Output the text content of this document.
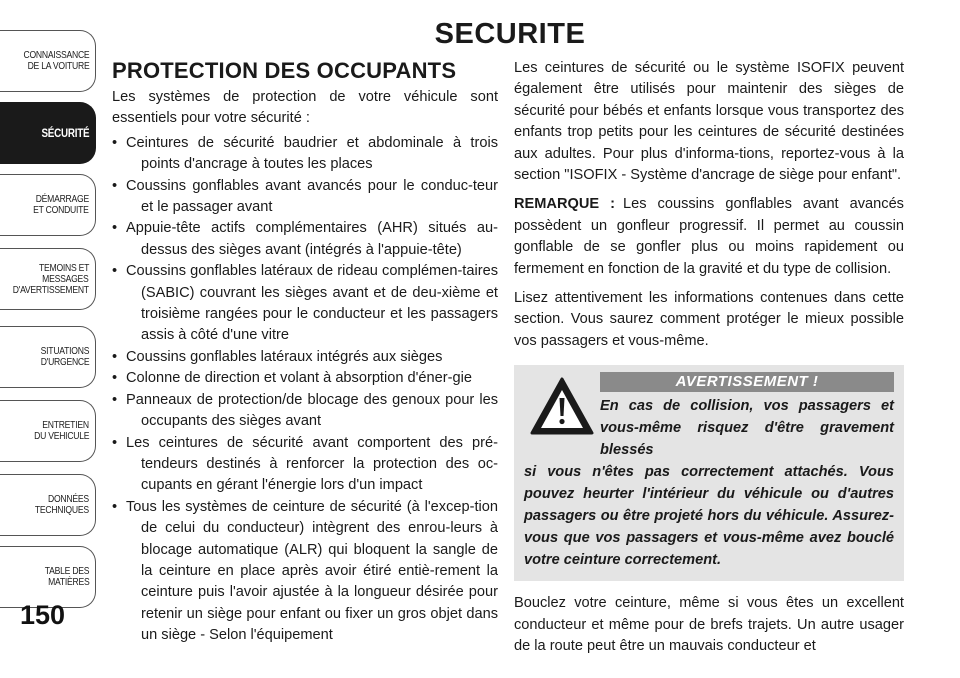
CONNAISSANCE
DE LA VOITURE
SÉCURITÉ
DÉMARRAGE
ET CONDUITE
TEMOINS ET
MESSAGES
D'AVERTISSEMENT
SITUATIONS
D'URGENCE
ENTRETIEN
DU VEHICULE
DONNÉES
TECHNIQUES
TABLE DES
MATIÈRES
150
SECURITE
PROTECTION DES OCCUPANTS

Les systèmes de protection de votre véhicule sont essentiels pour votre sécurité :

• Ceintures de sécurité baudrier et abdominale à trois points d'ancrage à toutes les places
• Coussins gonflables avant avancés pour le conduc-teur et le passager avant
• Appuie-tête actifs complémentaires (AHR) situés au-dessus des sièges avant (intégrés à l'appuie-tête)
• Coussins gonflables latéraux de rideau complémen-taires (SABIC) couvrant les sièges avant et de deu-xième et troisième rangées pour le conducteur et les passagers assis à côté d'une vitre
• Coussins gonflables latéraux intégrés aux sièges
• Colonne de direction et volant à absorption d'éner-gie
• Panneaux de protection/de blocage des genoux pour les occupants des sièges avant
• Les ceintures de sécurité avant comportent des pré-tendeurs destinés à renforcer la protection des oc-cupants en gérant l'énergie lors d'un impact
• Tous les systèmes de ceinture de sécurité (à l'excep-tion de celui du conducteur) intègrent des enrou-leurs à blocage automatique (ALR) qui bloquent la sangle de la ceinture en place après avoir étiré entiè-rement la ceinture puis l'avoir ajustée à la longueur désirée pour retenir un siège pour enfant ou fixer un gros objet dans un siège - Selon l'équipement

Les ceintures de sécurité ou le système ISOFIX peuvent également être utilisés pour maintenir des sièges de sécurité pour bébés et enfants lorsque vous transportez des enfants trop petits pour les ceintures de sécurité destinées aux adultes. Pour plus d'informa-tions, reportez-vous à la section "ISOFIX - Système d'ancrage de siège pour enfant".

REMARQUE : Les coussins gonflables avant avancés possèdent un gonfleur progressif. Il permet au coussin gonflable de se gonfler plus ou moins rapidement ou fermement en fonction de la gravité et du type de collision.

Lisez attentivement les informations contenues dans cette section. Vous saurez comment protéger le mieux possible vos passagers et vous-même.

AVERTISSEMENT !
En cas de collision, vos passagers et vous-même risquez d'être gravement blessés
si vous n'êtes pas correctement attachés. Vous pouvez heurter l'intérieur du véhicule ou d'autres passagers ou être projeté hors du véhicule. Assurez-vous que vos passagers et vous-même avez bouclé votre ceinture correctement.

Bouclez votre ceinture, même si vous êtes un excellent conducteur et même pour de brefs trajets. Un autre usager de la route peut être un mauvais conducteur et
